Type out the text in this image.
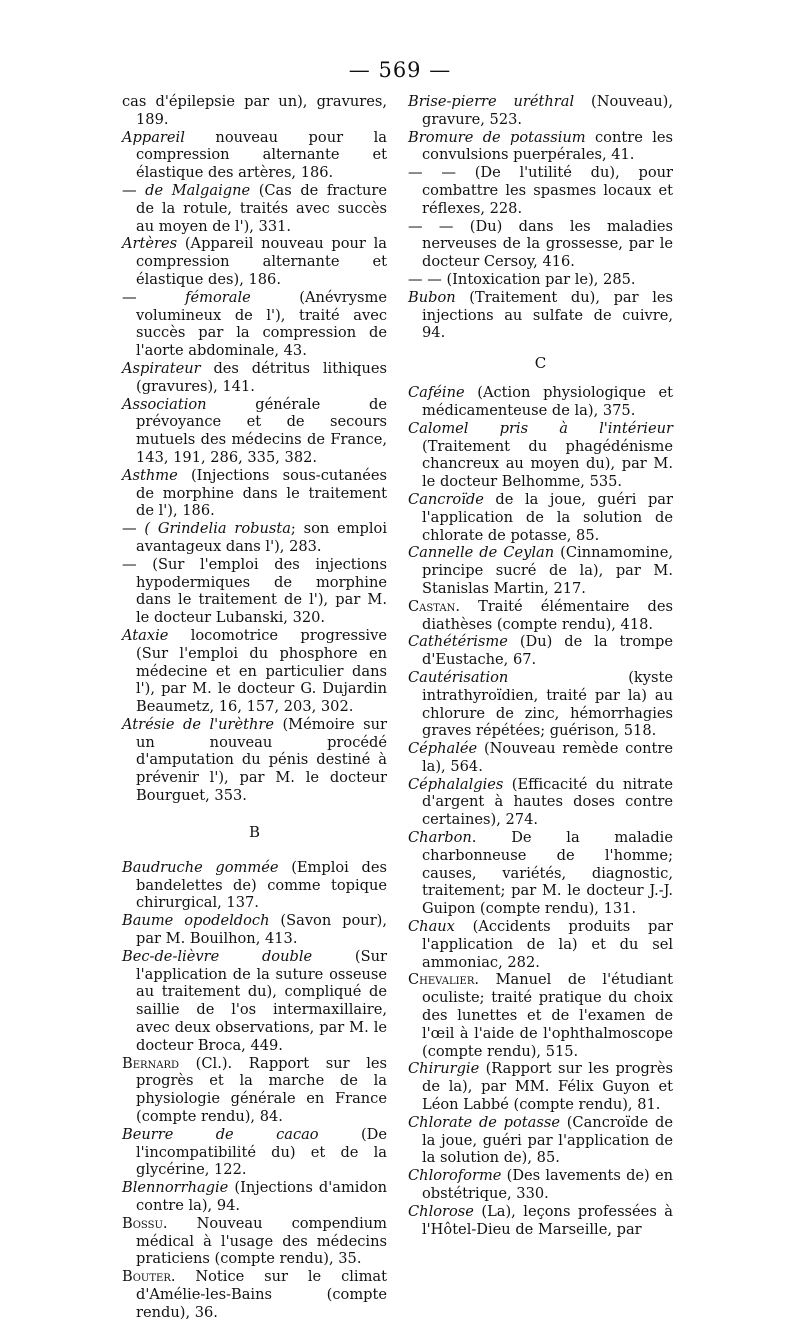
— 569 —

cas d'épilepsie par un), gravures, 189.

Appareil nouveau pour la compression alternante et élastique des artères, 186.

— de Malgaigne (Cas de fracture de la rotule, traités avec succès au moyen de l'), 331.

Artères (Appareil nouveau pour la compression alternante et élastique des), 186.

— fémorale (Anévrysme volumineux de l'), traité avec succès par la compression de l'aorte abdominale, 43.

Aspirateur des détritus lithiques (gravures), 141.

Association générale de prévoyance et de secours mutuels des médecins de France, 143, 191, 286, 335, 382.

Asthme (Injections sous-cutanées de morphine dans le traitement de l'), 186.

— ( Grindelia robusta; son emploi avantageux dans l'), 283.

— (Sur l'emploi des injections hypodermiques de morphine dans le traitement de l'), par M. le docteur Lubanski, 320.

Ataxie locomotrice progressive (Sur l'emploi du phosphore en médecine et en particulier dans l'), par M. le docteur G. Dujardin Beaumetz, 16, 157, 203, 302.

Atrésie de l'urèthre (Mémoire sur un nouveau procédé d'amputation du pénis destiné à prévenir l'), par M. le docteur Bourguet, 353.

B

Baudruche gommée (Emploi des bandelettes de) comme topique chirurgical, 137.

Baume opodeldoch (Savon pour), par M. Bouilhon, 413.

Bec-de-lièvre double (Sur l'application de la suture osseuse au traitement du), compliqué de saillie de l'os intermaxillaire, avec deux observations, par M. le docteur Broca, 449.

Bernard (Cl.). Rapport sur les progrès et la marche de la physiologie générale en France (compte rendu), 84.

Beurre de cacao (De l'incompatibilité du) et de la glycérine, 122.

Blennorrhagie (Injections d'amidon contre la), 94.

Bossu. Nouveau compendium médical à l'usage des médecins praticiens (compte rendu), 35.

Bouter. Notice sur le climat d'Amélie-les-Bains (compte rendu), 36.

Brise-pierre uréthral (Nouveau), gravure, 523.

Bromure de potassium contre les convulsions puerpérales, 41.

— — (De l'utilité du), pour combattre les spasmes locaux et réflexes, 228.

— — (Du) dans les maladies nerveuses de la grossesse, par le docteur Cersoy, 416.

— — (Intoxication par le), 285.

Bubon (Traitement du), par les injections au sulfate de cuivre, 94.

C

Caféine (Action physiologique et médicamenteuse de la), 375.

Calomel pris à l'intérieur (Traitement du phagédénisme chancreux au moyen du), par M. le docteur Belhomme, 535.

Cancroïde de la joue, guéri par l'application de la solution de chlorate de potasse, 85.

Cannelle de Ceylan (Cinnamomine, principe sucré de la), par M. Stanislas Martin, 217.

Castan. Traité élémentaire des diathèses (compte rendu), 418.

Cathétérisme (Du) de la trompe d'Eustache, 67.

Cautérisation (kyste intrathyroïdien, traité par la) au chlorure de zinc, hémorrhagies graves répétées; guérison, 518.

Céphalée (Nouveau remède contre la), 564.

Céphalalgies (Efficacité du nitrate d'argent à hautes doses contre certaines), 274.

Charbon. De la maladie charbonneuse de l'homme; causes, variétés, diagnostic, traitement; par M. le docteur J.-J. Guipon (compte rendu), 131.

Chaux (Accidents produits par l'application de la) et du sel ammoniac, 282.

Chevalier. Manuel de l'étudiant oculiste; traité pratique du choix des lunettes et de l'examen de l'œil à l'aide de l'ophthalmoscope (compte rendu), 515.

Chirurgie (Rapport sur les progrès de la), par MM. Félix Guyon et Léon Labbé (compte rendu), 81.

Chlorate de potasse (Cancroïde de la joue, guéri par l'application de la solution de), 85.

Chloroforme (Des lavements de) en obstétrique, 330.

Chlorose (La), leçons professées à l'Hôtel-Dieu de Marseille, par
